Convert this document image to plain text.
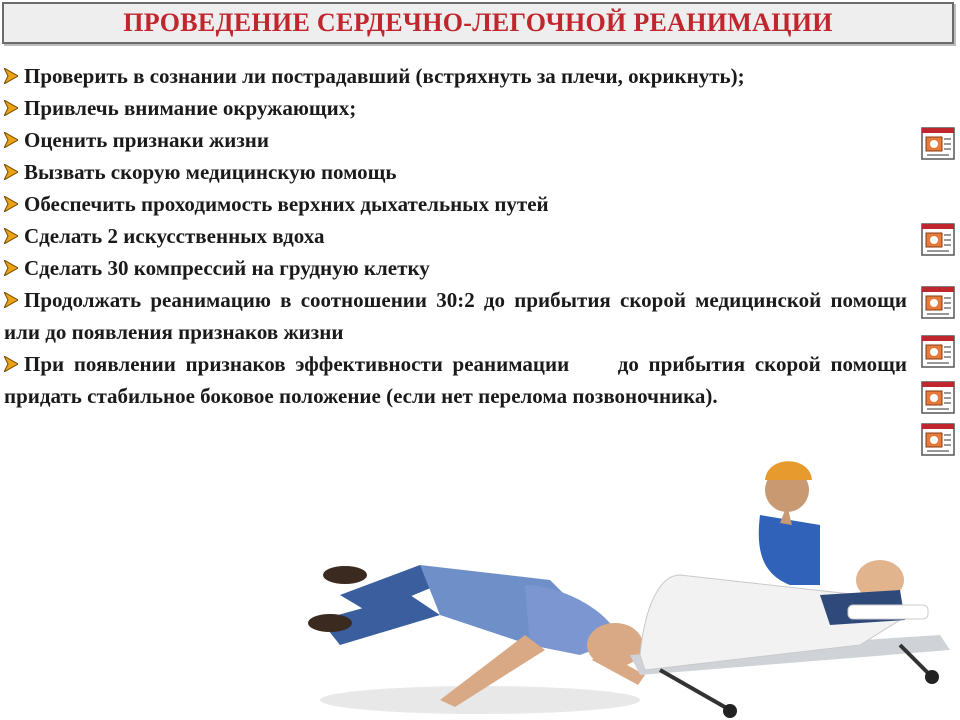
ПРОВЕДЕНИЕ СЕРДЕЧНО-ЛЕГОЧНОЙ РЕАНИМАЦИИ
Проверить в сознании ли пострадавший (встряхнуть за плечи, окрикнуть);
Привлечь внимание окружающих;
Оценить признаки жизни
Вызвать скорую медицинскую помощь
Обеспечить проходимость верхних дыхательных путей
Сделать 2 искусственных вдоха
Сделать 30 компрессий на грудную клетку
Продолжать реанимацию в соотношении 30:2 до прибытия скорой медицинской помощи или до появления признаков жизни
При появлении признаков эффективности реанимации     до прибытия скорой помощи придать стабильное боковое положение (если нет перелома позвоночника).
